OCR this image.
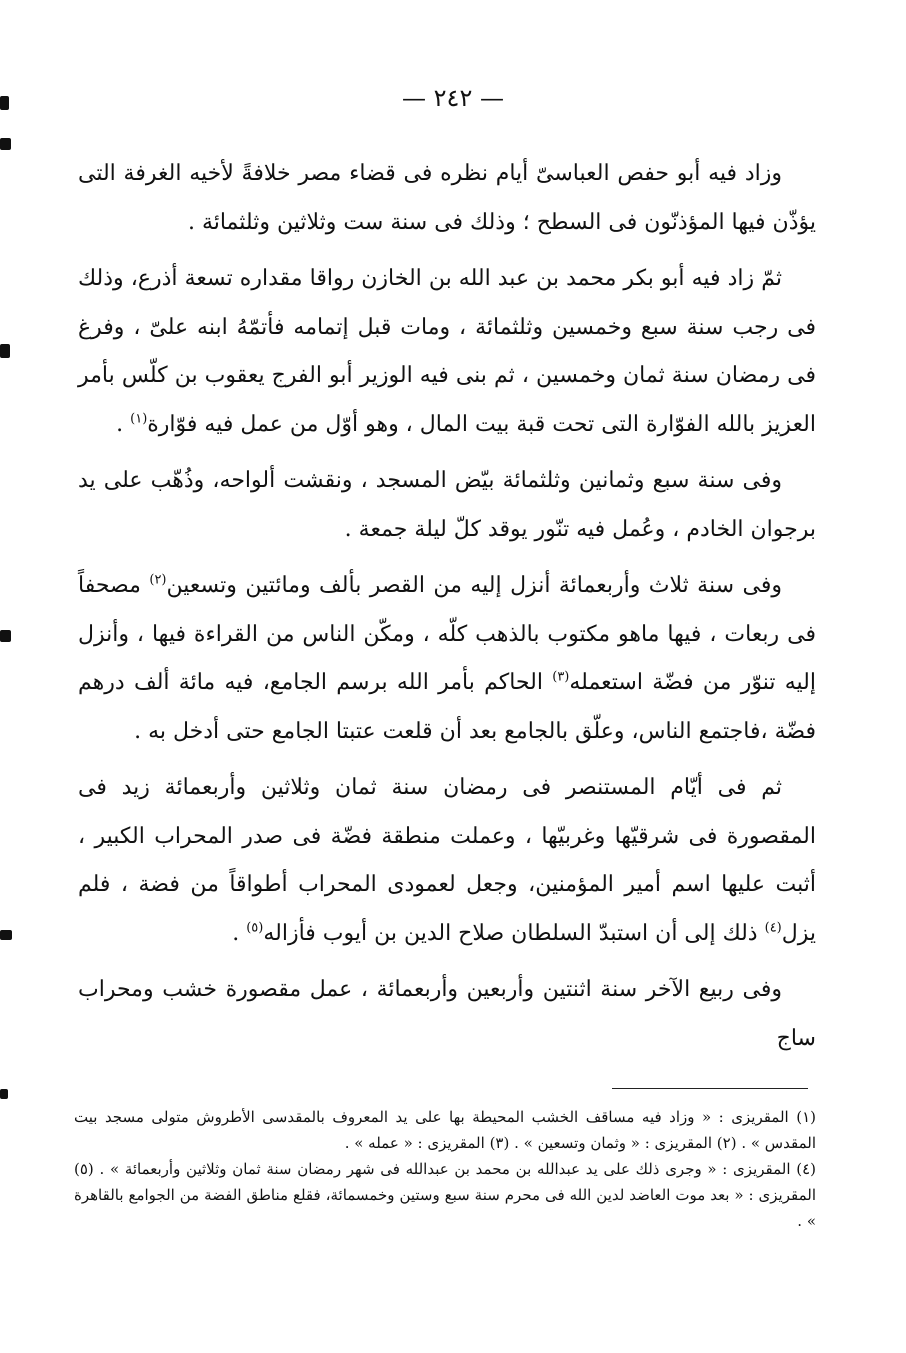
— ٢٤٢ —

وزاد فيه أبو حفص العباسىّ أيام نظره فى قضاء مصر خلافةً لأخيه الغرفة التى يؤذّن فيها المؤذنّون فى السطح ؛ وذلك فى سنة ست وثلاثين وثلثمائة .

ثمّ زاد فيه أبو بكر محمد بن عبد الله بن الخازن رواقا مقداره تسعة أذرع، وذلك فى رجب سنة سبع وخمسين وثلثمائة ، ومات قبل إتمامه فأتمّهُ ابنه علىّ ، وفرغ فى رمضان سنة ثمان وخمسين ، ثم بنى فيه الوزير أبو الفرج يعقوب بن كلّس بأمر العزيز بالله الفوّارة التى تحت قبة بيت المال ، وهو أوّل من عمل فيه فوّارة$^{(١)}$ .

وفى سنة سبع وثمانين وثلثمائة بيّض المسجد ، ونقشت ألواحه، وذُهّب على يد برجوان الخادم ، وعُمل فيه تنّور يوقد كلّ ليلة جمعة .

وفى سنة ثلاث وأربعمائة أنزل إليه من القصر بألف ومائتين وتسعين$^{(٢)}$ مصحفاً فى ربعات ، فيها ماهو مكتوب بالذهب كلّه ، ومكّن الناس من القراءة فيها ، وأنزل إليه تنوّر من فضّة استعمله$^{(٣)}$ الحاكم بأمر الله برسم الجامع، فيه مائة ألف درهم فضّة ،فاجتمع الناس، وعلّق بالجامع بعد أن قلعت عتبتا الجامع حتى أدخل به .

ثم فى أيّام المستنصر فى رمضان سنة ثمان وثلاثين وأربعمائة زيد فى المقصورة فى شرقيّها وغربيّها ، وعملت منطقة فضّة فى صدر المحراب الكبير ، أثبت عليها اسم أمير المؤمنين، وجعل لعمودى المحراب أطواقاً من فضة ، فلم يزل$^{(٤)}$ ذلك إلى أن استبدّ السلطان صلاح الدين بن أيوب فأزاله$^{(٥)}$ .

وفى ربيع الآخر سنة اثنتين وأربعين وأربعمائة ، عمل مقصورة خشب ومحراب ساج

(١) المقريزى : « وزاد فيه مساقف الخشب المحيطة بها على يد المعروف بالمقدسى الأطروش متولى مسجد بيت المقدس » . (٢) المقريزى : « وثمان وتسعين » . (٣) المقريزى : « عمله » .

(٤) المقريزى : « وجرى ذلك على يد عبدالله بن محمد بن عبدالله فى شهر رمضان سنة ثمان وثلاثين وأربعمائة » . (٥) المقريزى : « بعد موت العاضد لدين الله فى محرم سنة سبع وستين وخمسمائة، فقلع مناطق الفضة من الجوامع بالقاهرة » .
